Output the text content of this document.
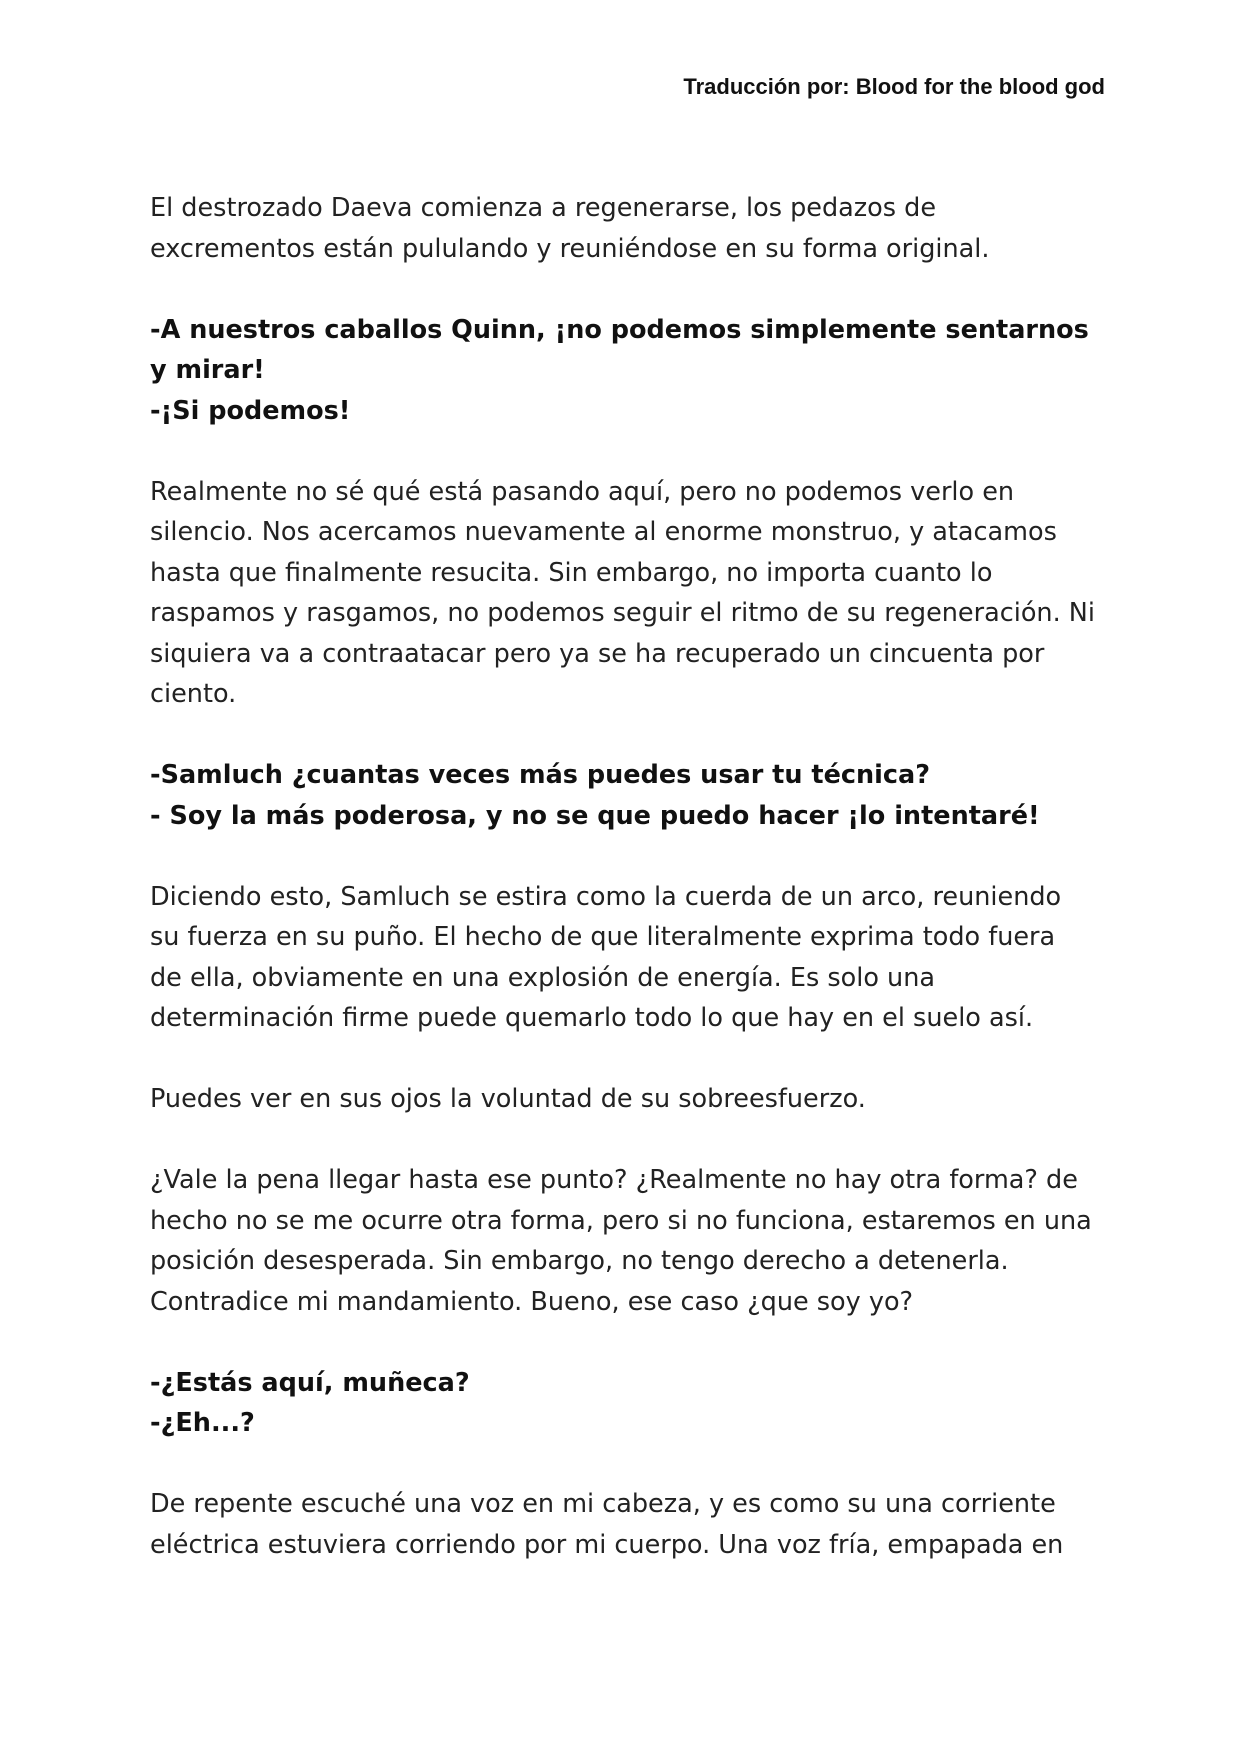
Traducción por: Blood for the blood god

El destrozado Daeva comienza a regenerarse, los pedazos de excrementos están pululando y reuniéndose en su forma original.

-A nuestros caballos Quinn, ¡no podemos simplemente sentarnos y mirar!
-¡Si podemos!

Realmente no sé qué está pasando aquí, pero no podemos verlo en silencio. Nos acercamos nuevamente al enorme monstruo, y atacamos hasta que finalmente resucita. Sin embargo, no importa cuanto lo raspamos y rasgamos, no podemos seguir el ritmo de su regeneración. Ni siquiera va a contraatacar pero ya se ha recuperado un cincuenta por ciento.

-Samluch ¿cuantas veces más puedes usar tu técnica?
- Soy la más poderosa, y no se que puedo hacer ¡lo intentaré!

Diciendo esto, Samluch se estira como la cuerda de un arco, reuniendo su fuerza en su puño. El hecho de que literalmente exprima todo fuera de ella, obviamente en una explosión de energía. Es solo una determinación firme puede quemarlo todo lo que hay en el suelo así.

Puedes ver en sus ojos la voluntad de su sobreesfuerzo.

¿Vale la pena llegar hasta ese punto? ¿Realmente no hay otra forma? de hecho no se me ocurre otra forma, pero si no funciona, estaremos en una posición desesperada. Sin embargo, no tengo derecho a detenerla. Contradice mi mandamiento. Bueno, ese caso ¿que soy yo?

-¿Estás aquí, muñeca?
-¿Eh...?

De repente escuché una voz en mi cabeza, y es como su una corriente eléctrica estuviera corriendo por mi cuerpo. Una voz fría, empapada en
